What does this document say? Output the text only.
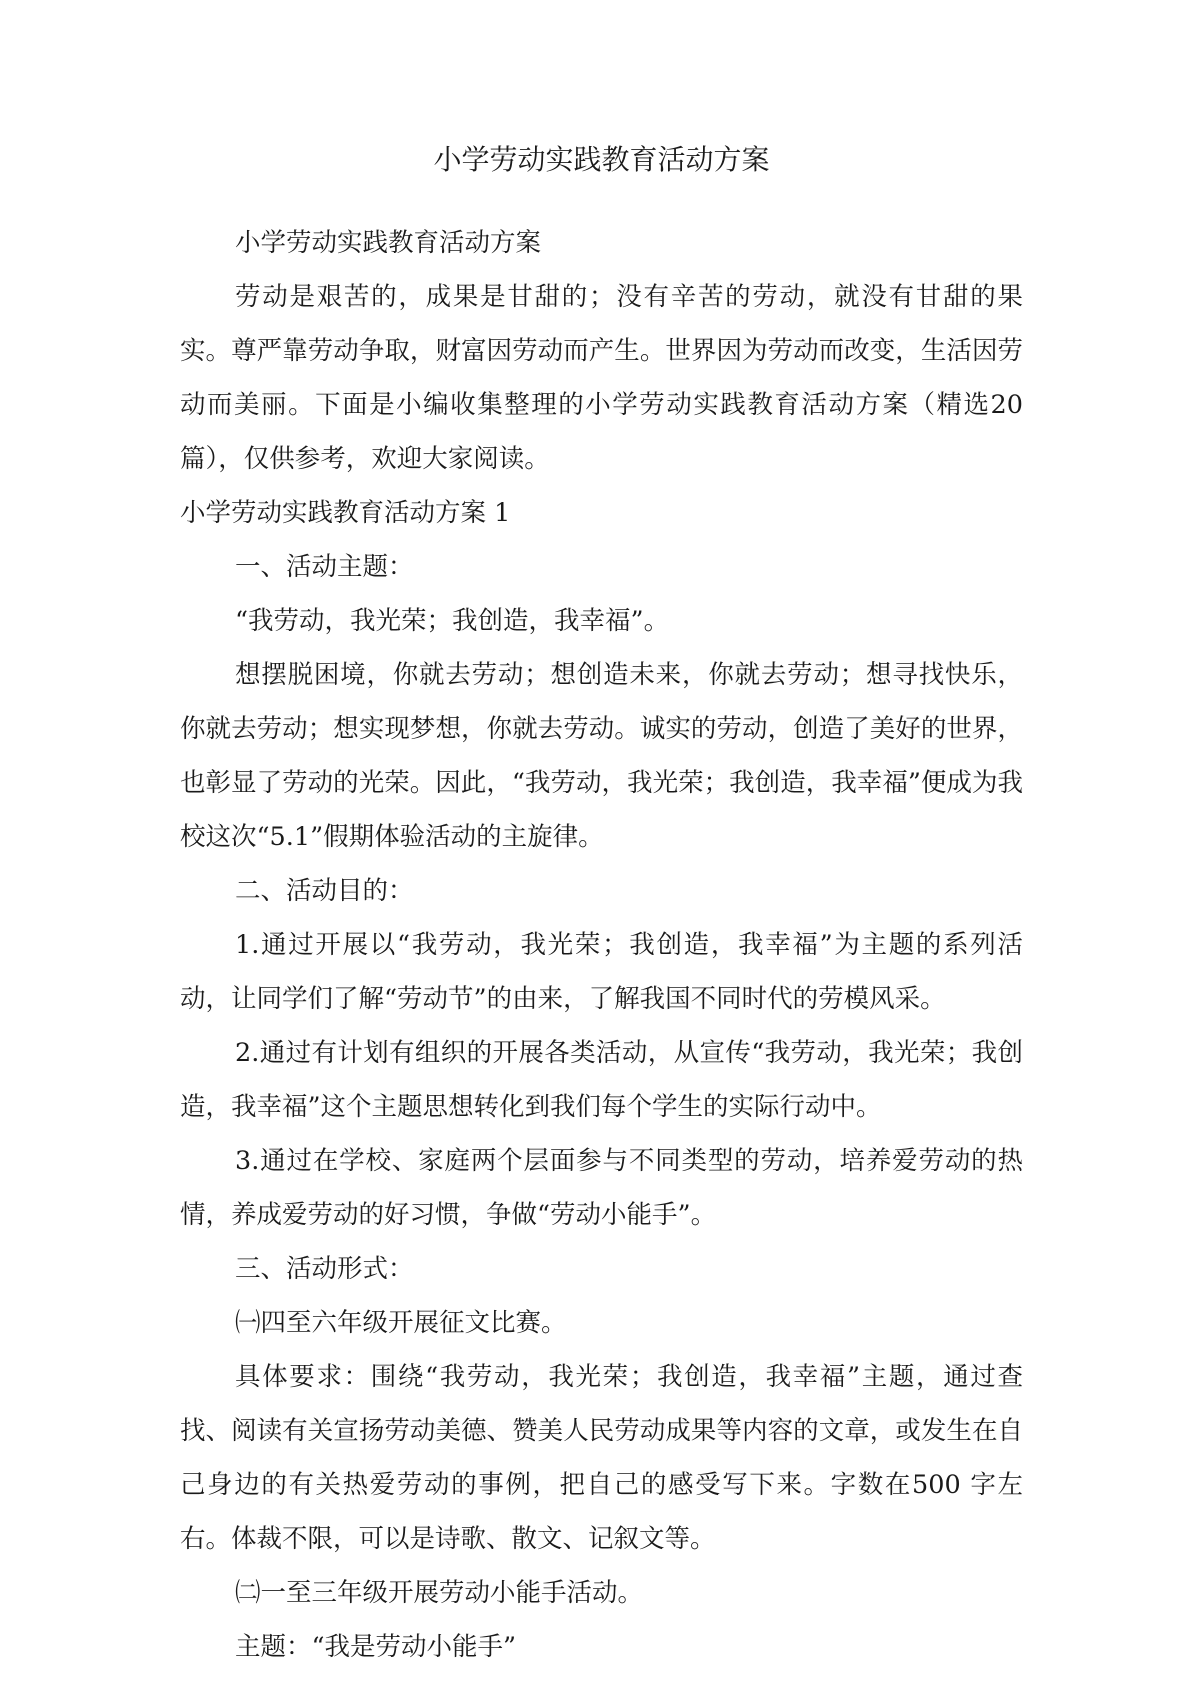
小学劳动实践教育活动方案

小学劳动实践教育活动方案

劳动是艰苦的，成果是甘甜的；没有辛苦的劳动，就没有甘甜的果实。尊严靠劳动争取，财富因劳动而产生。世界因为劳动而改变，生活因劳动而美丽。下面是小编收集整理的小学劳动实践教育活动方案（精选20 篇），仅供参考，欢迎大家阅读。

小学劳动实践教育活动方案 1

一、活动主题：

“我劳动，我光荣；我创造，我幸福”。

想摆脱困境，你就去劳动；想创造未来，你就去劳动；想寻找快乐，你就去劳动；想实现梦想，你就去劳动。诚实的劳动，创造了美好的世界，也彰显了劳动的光荣。因此，“我劳动，我光荣；我创造，我幸福”便成为我校这次“5.1”假期体验活动的主旋律。

二、活动目的：

1.通过开展以“我劳动，我光荣；我创造，我幸福”为主题的系列活动，让同学们了解“劳动节”的由来，了解我国不同时代的劳模风采。

2.通过有计划有组织的开展各类活动，从宣传“我劳动，我光荣；我创造，我幸福”这个主题思想转化到我们每个学生的实际行动中。

3.通过在学校、家庭两个层面参与不同类型的劳动，培养爱劳动的热情，养成爱劳动的好习惯，争做“劳动小能手”。

三、活动形式：

㈠四至六年级开展征文比赛。

具体要求：围绕“我劳动，我光荣；我创造，我幸福”主题，通过查找、阅读有关宣扬劳动美德、赞美人民劳动成果等内容的文章，或发生在自己身边的有关热爱劳动的事例，把自己的感受写下来。字数在500 字左右。体裁不限，可以是诗歌、散文、记叙文等。

㈡一至三年级开展劳动小能手活动。

主题：“我是劳动小能手”
